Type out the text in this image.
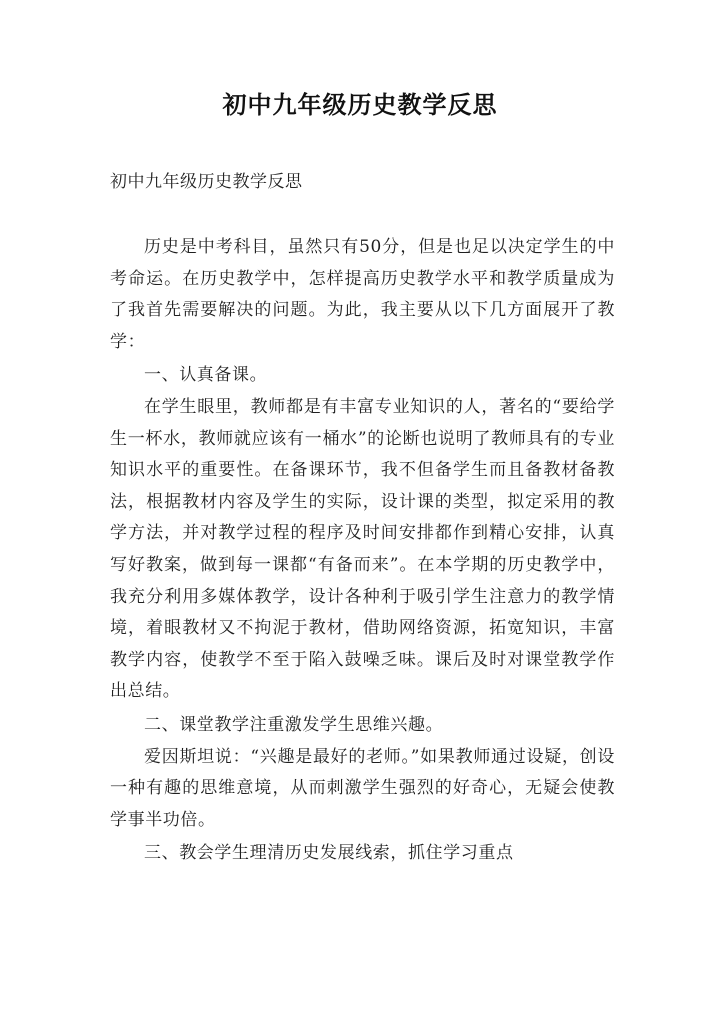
初中九年级历史教学反思
初中九年级历史教学反思

历史是中考科目，虽然只有50分，但是也足以决定学生的中考命运。在历史教学中，怎样提高历史教学水平和教学质量成为了我首先需要解决的问题。为此，我主要从以下几方面展开了教学：

一、认真备课。

在学生眼里，教师都是有丰富专业知识的人，著名的“要给学生一杯水，教师就应该有一桶水”的论断也说明了教师具有的专业知识水平的重要性。在备课环节，我不但备学生而且备教材备教法，根据教材内容及学生的实际，设计课的类型，拟定采用的教学方法，并对教学过程的程序及时间安排都作到精心安排，认真写好教案，做到每一课都“有备而来”。在本学期的历史教学中，我充分利用多媒体教学，设计各种利于吸引学生注意力的教学情境，着眼教材又不拘泥于教材，借助网络资源，拓宽知识，丰富教学内容，使教学不至于陷入鼓噪乏味。课后及时对课堂教学作出总结。

二、课堂教学注重激发学生思维兴趣。

爱因斯坦说：“兴趣是最好的老师。”如果教师通过设疑，创设一种有趣的思维意境，从而刺激学生强烈的好奇心，无疑会使教学事半功倍。

三、教会学生理清历史发展线索，抓住学习重点
